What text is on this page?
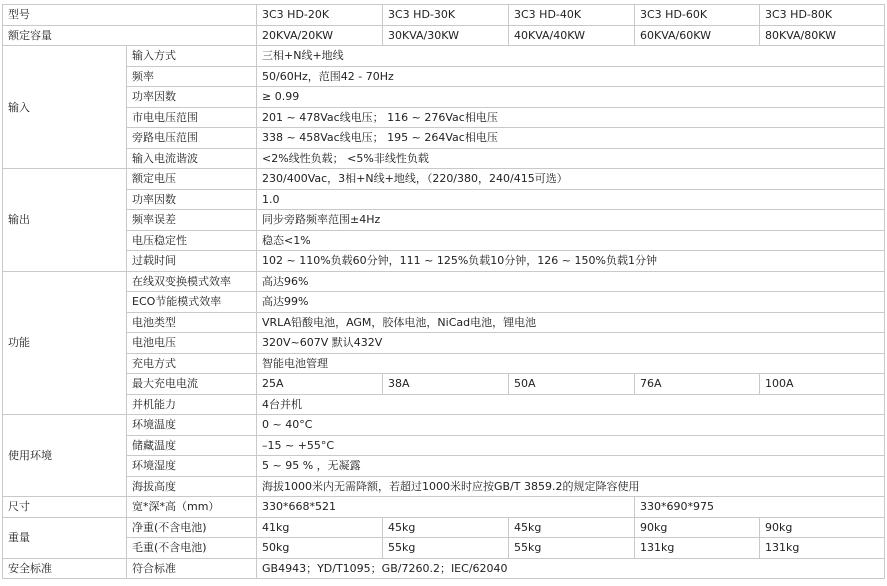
型号		3C3 HD-20K	3C3 HD-30K	3C3 HD-40K	3C3 HD-60K	3C3 HD-80K
额定容量		20KVA/20KW	30KVA/30KW	40KVA/40KW	60KVA/60KW	80KVA/80KW
输入	输入方式	三相+N线+地线				
	频率	50/60Hz，范围42 - 70Hz				
	功率因数	≥ 0.99				
	市电电压范围	201 ~ 478Vac线电压； 116 ~ 276Vac相电压				
	旁路电压范围	338 ~ 458Vac线电压； 195 ~ 264Vac相电压				
	输入电流谐波	<2%线性负载； <5%非线性负载				
输出	额定电压	230/400Vac，3相+N线+地线，（220/380，240/415可选）				
	功率因数	1.0				
	频率误差	同步旁路频率范围±4Hz				
	电压稳定性	稳态<1%				
	过载时间	102 ~ 110%负载60分钟，111 ~ 125%负载10分钟，126 ~ 150%负载1分钟				
功能	在线双变换模式效率	高达96%				
	ECO节能模式效率	高达99%				
	电池类型	VRLA铅酸电池，AGM，胶体电池，NiCad电池，锂电池				
	电池电压	320V~607V 默认432V				
	充电方式	智能电池管理				
	最大充电电流	25A	38A	50A	76A	100A
	并机能力	4台并机				
使用环境	环境温度	0 ~ 40°C				
	储藏温度	–15 ~ +55°C				
	环境湿度	5 ~ 95 % ，无凝露				
	海拔高度	海拔1000米内无需降额，若超过1000米时应按GB/T 3859.2的规定降容使用				
尺寸	宽*深*高（mm）	330*668*521			330*690*975	
重量	净重(不含电池)	41kg	45kg	45kg	90kg	90kg
	毛重(不含电池)	50kg	55kg	55kg	131kg	131kg
安全标准	符合标准	GB4943；YD/T1095；GB/7260.2；IEC/62040				
